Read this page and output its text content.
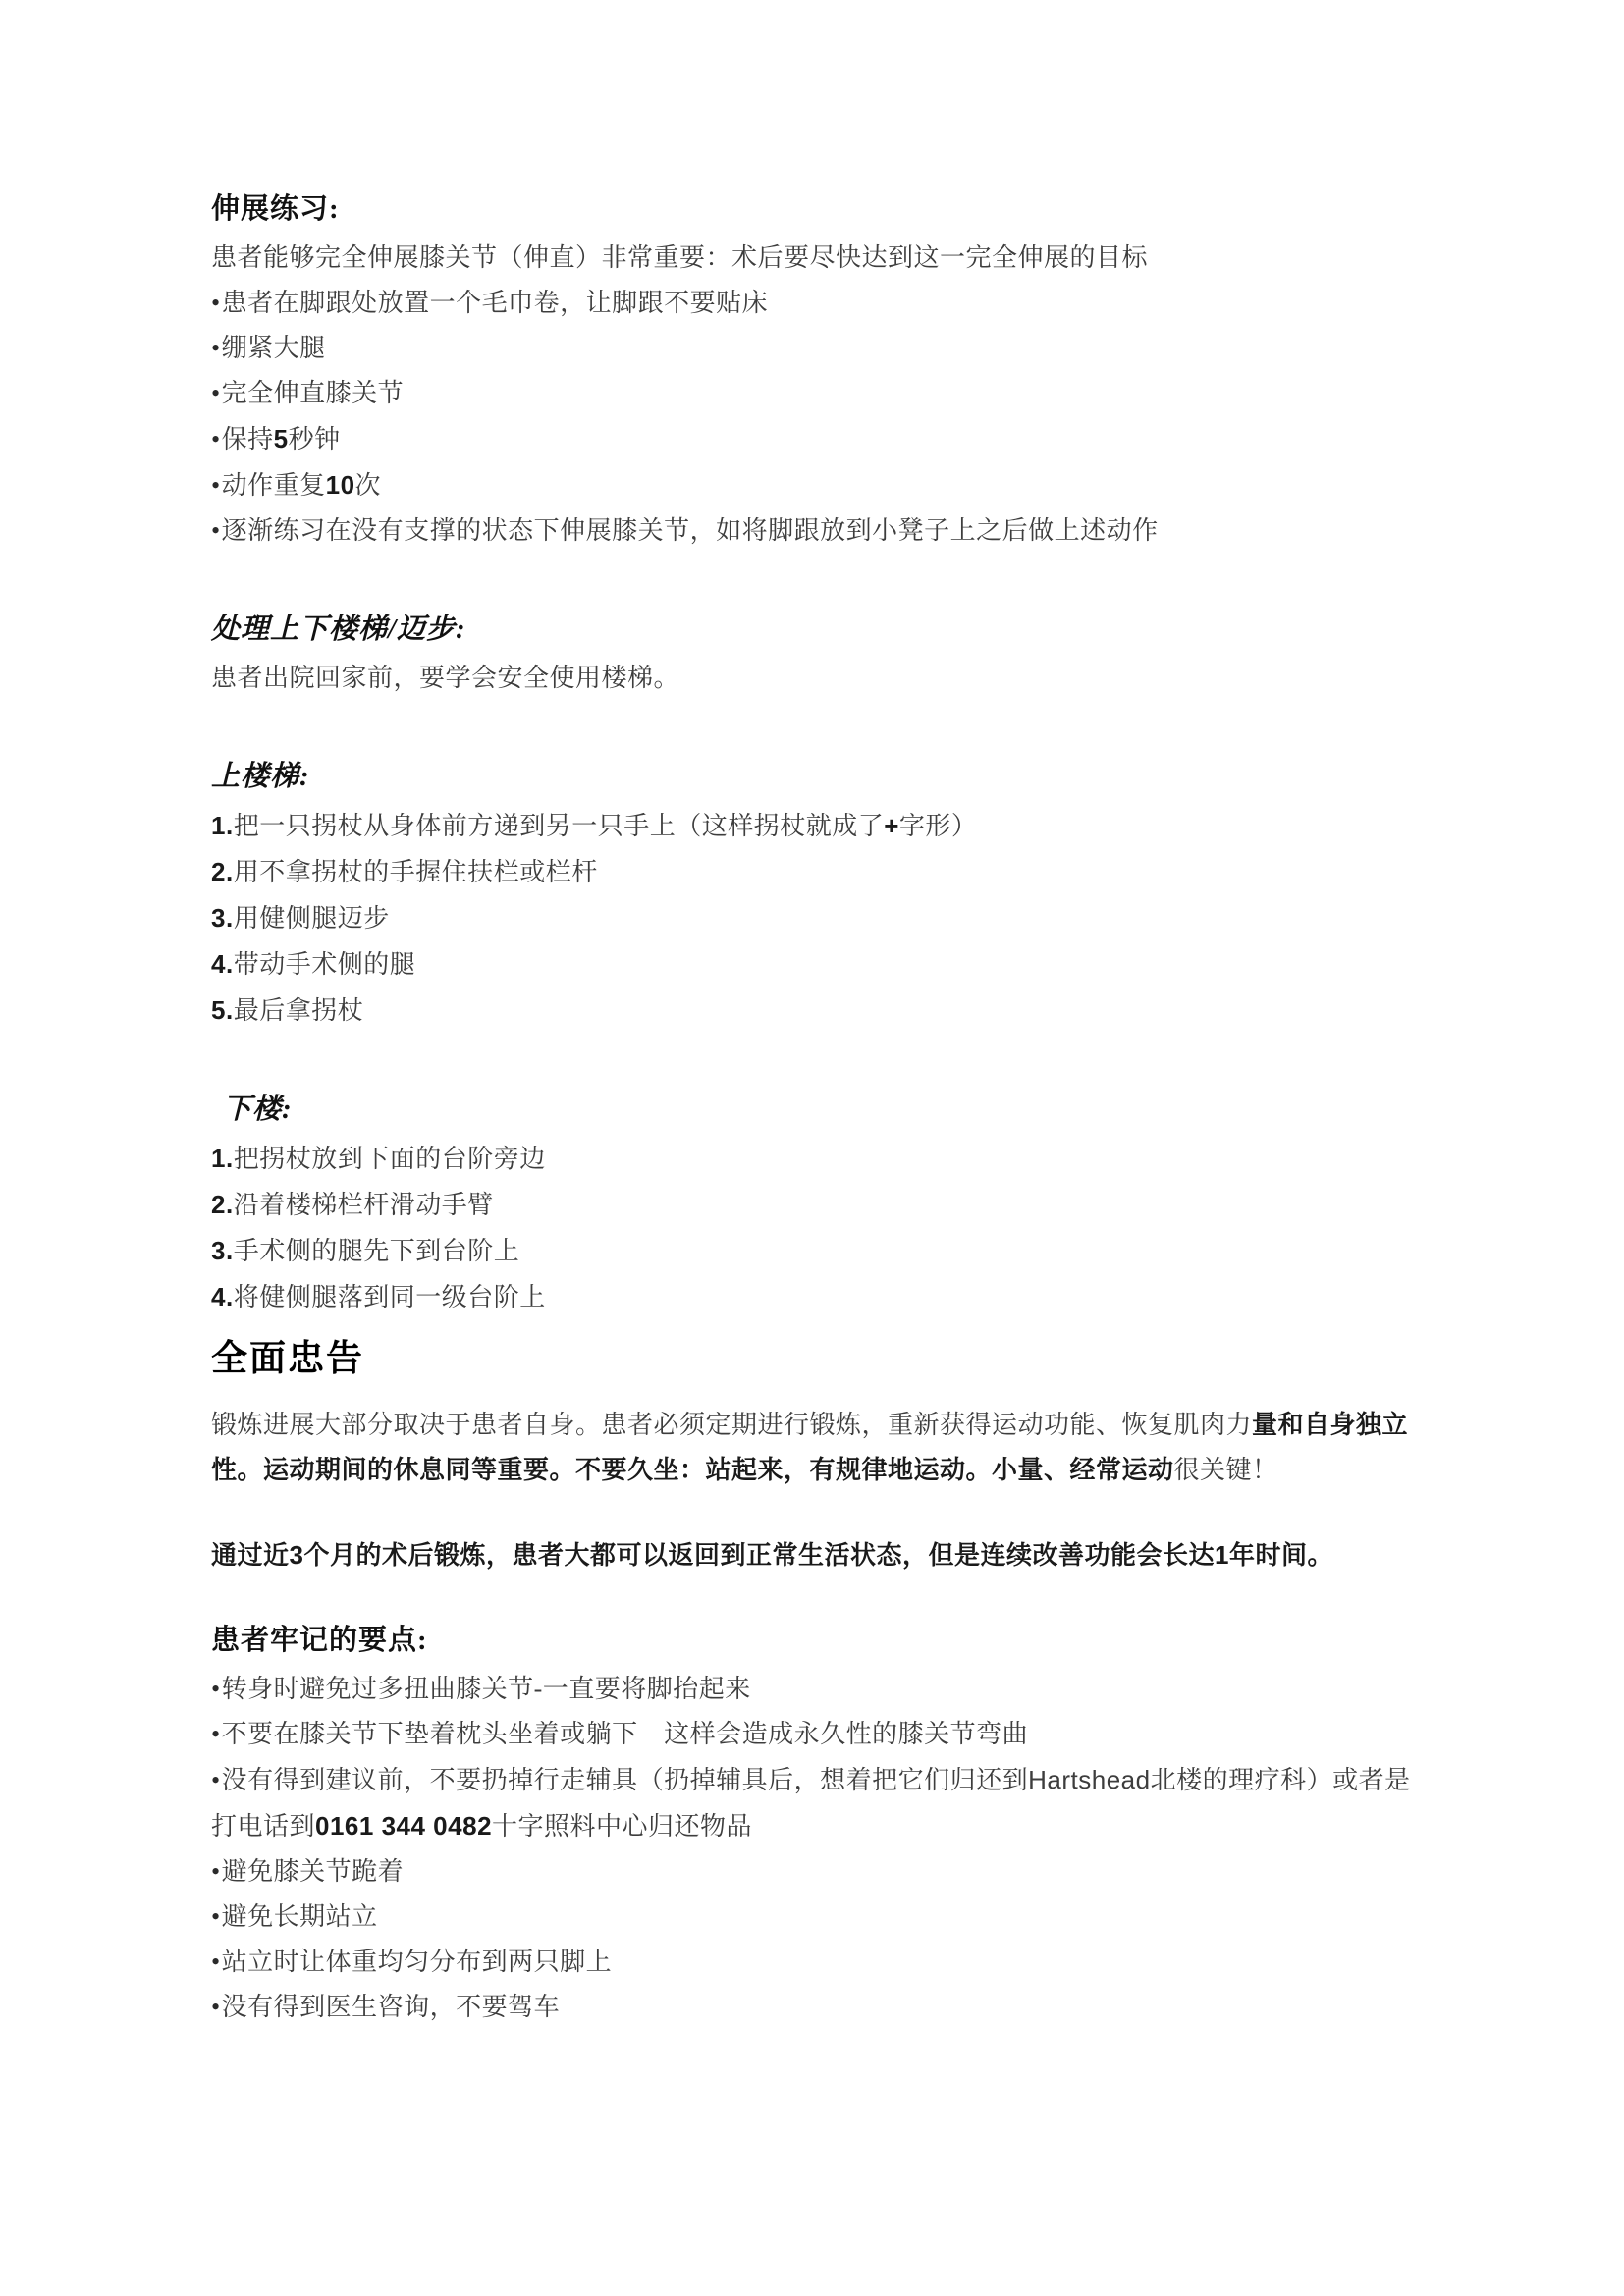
伸展练习:
患者能够完全伸展膝关节（伸直）非常重要：术后要尽快达到这一完全伸展的目标
•患者在脚跟处放置一个毛巾卷，让脚跟不要贴床
•绷紧大腿
•完全伸直膝关节
•保持5秒钟
•动作重复10次
•逐渐练习在没有支撑的状态下伸展膝关节，如将脚跟放到小凳子上之后做上述动作
处理上下楼梯/迈步:
患者出院回家前，要学会安全使用楼梯。
上楼梯:
1.把一只拐杖从身体前方递到另一只手上（这样拐杖就成了+字形）
2.用不拿拐杖的手握住扶栏或栏杆
3.用健侧腿迈步
4.带动手术侧的腿
5.最后拿拐杖
下楼:
1.把拐杖放到下面的台阶旁边
2.沿着楼梯栏杆滑动手臂
3.手术侧的腿先下到台阶上
4.将健侧腿落到同一级台阶上
全面忠告
锻炼进展大部分取决于患者自身。患者必须定期进行锻炼，重新获得运动功能、恢复肌肉力量和自身独立性。运动期间的休息同等重要。不要久坐：站起来，有规律地运动。小量、经常运动很关键！
通过近3个月的术后锻炼，患者大都可以返回到正常生活状态，但是连续改善功能会长达1年时间。
患者牢记的要点:
•转身时避免过多扭曲膝关节-一直要将脚抬起来
•不要在膝关节下垫着枕头坐着或躺下　这样会造成永久性的膝关节弯曲
•没有得到建议前，不要扔掉行走辅具（扔掉辅具后，想着把它们归还到Hartshead北楼的理疗科）或者是打电话到0161 344 0482十字照料中心归还物品
•避免膝关节跪着
•避免长期站立
•站立时让体重均匀分布到两只脚上
•没有得到医生咨询，不要驾车
